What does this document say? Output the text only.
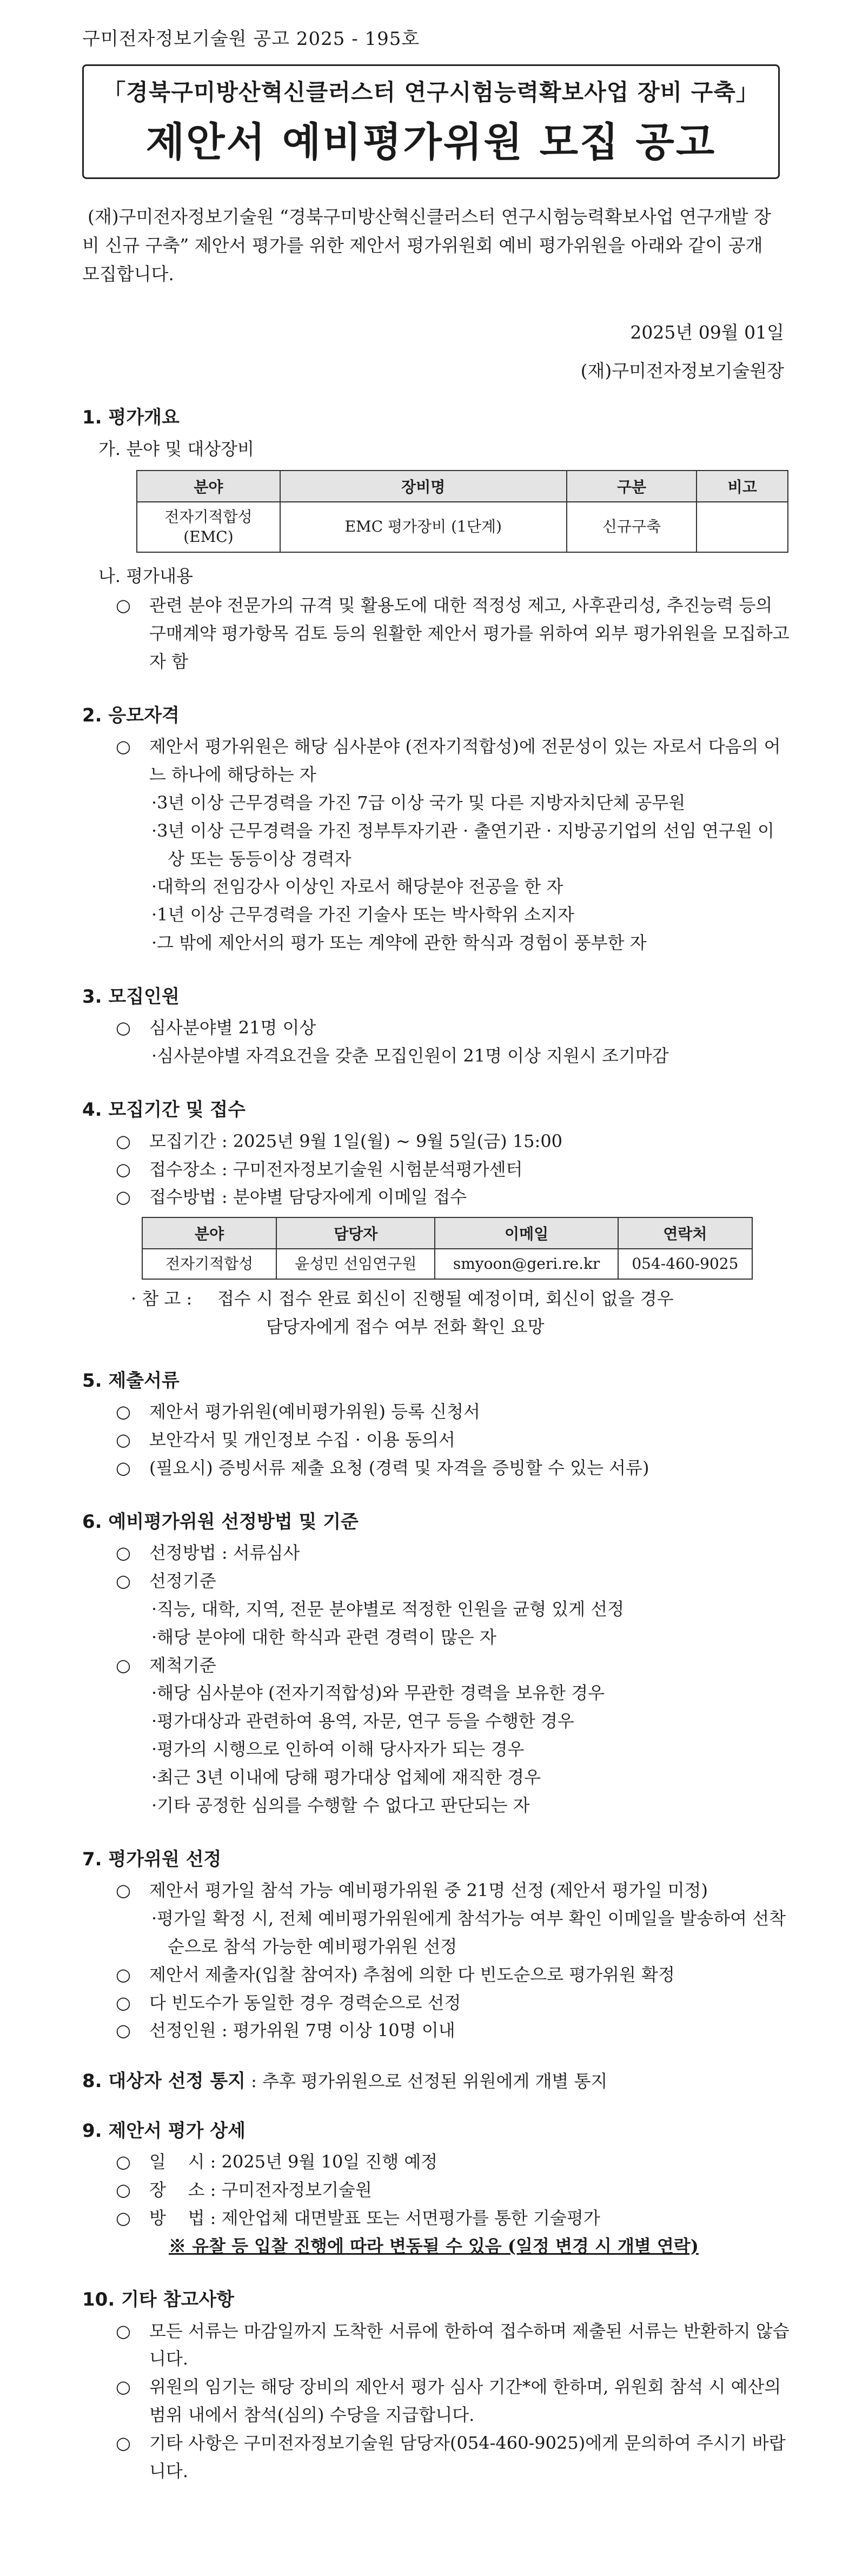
구미전자정보기술원 공고 2025 - 195호
「경북구미방산혁신클러스터 연구시험능력확보사업 장비 구축」
제안서 예비평가위원 모집 공고
(재)구미전자정보기술원 “경북구미방산혁신클러스터 연구시험능력확보사업 연구개발 장비 신규 구축” 제안서 평가를 위한 제안서 평가위원회 예비 평가위원을 아래와 같이 공개 모집합니다.
2025년 09월 01일
(재)구미전자정보기술원장
1. 평가개요
가. 분야 및 대상장비
분야	장비명	구분	비고
전자기적합성
(EMC)	EMC 평가장비 (1단계)	신규구축	
나. 평가내용
○ 관련 분야 전문가의 규격 및 활용도에 대한 적정성 제고, 사후관리성, 추진능력 등의 구매계약 평가항목 검토 등의 원활한 제안서 평가를 위하여 외부 평가위원을 모집하고자 함
2. 응모자격
○ 제안서 평가위원은 해당 심사분야 (전자기적합성)에 전문성이 있는 자로서 다음의 어느 하나에 해당하는 자
·3년 이상 근무경력을 가진 7급 이상 국가 및 다른 지방자치단체 공무원
·3년 이상 근무경력을 가진 정부투자기관 · 출연기관 · 지방공기업의 선임 연구원 이상 또는 동등이상 경력자
·대학의 전임강사 이상인 자로서 해당분야 전공을 한 자
·1년 이상 근무경력을 가진 기술사 또는 박사학위 소지자
·그 밖에 제안서의 평가 또는 계약에 관한 학식과 경험이 풍부한 자
3. 모집인원
○ 심사분야별 21명 이상
·심사분야별 자격요건을 갖춘 모집인원이 21명 이상 지원시 조기마감
4. 모집기간 및 접수
○ 모집기간 : 2025년 9월 1일(월) ~ 9월 5일(금) 15:00
○ 접수장소 : 구미전자정보기술원 시험분석평가센터
○ 접수방법 : 분야별 담당자에게 이메일 접수
분야	담당자	이메일	연락처
전자기적합성	윤성민 선임연구원	smyoon@geri.re.kr	054-460-9025
· 참 고 : 접수 시 접수 완료 회신이 진행될 예정이며, 회신이 없을 경우
담당자에게 접수 여부 전화 확인 요망
5. 제출서류
○ 제안서 평가위원(예비평가위원) 등록 신청서
○ 보안각서 및 개인정보 수집 · 이용 동의서
○ (필요시) 증빙서류 제출 요청 (경력 및 자격을 증빙할 수 있는 서류)
6. 예비평가위원 선정방법 및 기준
○ 선정방법 : 서류심사
○ 선정기준
·직능, 대학, 지역, 전문 분야별로 적정한 인원을 균형 있게 선정
·해당 분야에 대한 학식과 관련 경력이 많은 자
○ 제척기준
·해당 심사분야 (전자기적합성)와 무관한 경력을 보유한 경우
·평가대상과 관련하여 용역, 자문, 연구 등을 수행한 경우
·평가의 시행으로 인하여 이해 당사자가 되는 경우
·최근 3년 이내에 당해 평가대상 업체에 재직한 경우
·기타 공정한 심의를 수행할 수 없다고 판단되는 자
7. 평가위원 선정
○ 제안서 평가일 참석 가능 예비평가위원 중 21명 선정 (제안서 평가일 미정)
·평가일 확정 시, 전체 예비평가위원에게 참석가능 여부 확인 이메일을 발송하여 선착순으로 참석 가능한 예비평가위원 선정
○ 제안서 제출자(입찰 참여자) 추첨에 의한 다 빈도순으로 평가위원 확정
○ 다 빈도수가 동일한 경우 경력순으로 선정
○ 선정인원 : 평가위원 7명 이상 10명 이내
8. 대상자 선정 통지 : 추후 평가위원으로 선정된 위원에게 개별 통지
9. 제안서 평가 상세
○ 일    시 : 2025년 9월 10일 진행 예정
○ 장    소 : 구미전자정보기술원
○ 방    법 : 제안업체 대면발표 또는 서면평가를 통한 기술평가
※ 유찰 등 입찰 진행에 따라 변동될 수 있음 (일정 변경 시 개별 연락)
10. 기타 참고사항
○ 모든 서류는 마감일까지 도착한 서류에 한하여 접수하며 제출된 서류는 반환하지 않습니다.
○ 위원의 임기는 해당 장비의 제안서 평가 심사 기간*에 한하며, 위원회 참석 시 예산의 범위 내에서 참석(심의) 수당을 지급합니다.
○ 기타 사항은 구미전자정보기술원 담당자(054-460-9025)에게 문의하여 주시기 바랍니다.
